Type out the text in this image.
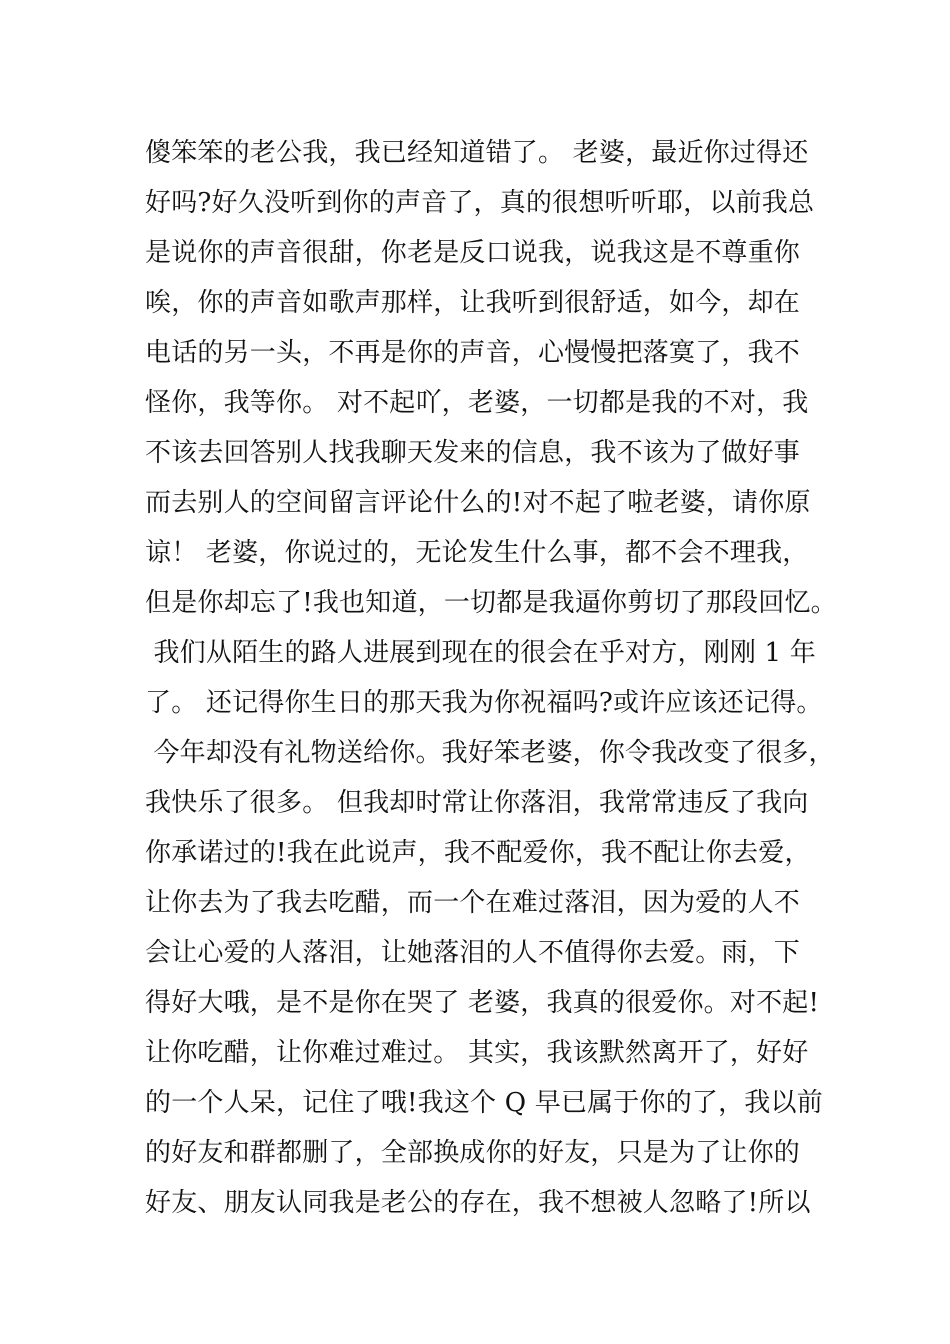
傻笨笨的老公我，我已经知道错了。 老婆，最近你过得还
好吗?好久没听到你的声音了，真的很想听听耶，以前我总
是说你的声音很甜，你老是反口说我，说我这是不尊重你
唉，你的声音如歌声那样，让我听到很舒适，如今，却在
电话的另一头，不再是你的声音，心慢慢把落寞了，我不
怪你，我等你。 对不起吖，老婆，一切都是我的不对，我
不该去回答别人找我聊天发来的信息，我不该为了做好事
而去别人的空间留言评论什么的!对不起了啦老婆，请你原
谅！ 老婆，你说过的，无论发生什么事，都不会不理我，
但是你却忘了!我也知道，一切都是我逼你剪切了那段回忆。
我们从陌生的路人进展到现在的很会在乎对方，刚刚 1 年
了。 还记得你生日的那天我为你祝福吗?或许应该还记得。
今年却没有礼物送给你。我好笨老婆，你令我改变了很多，
我快乐了很多。 但我却时常让你落泪，我常常违反了我向
你承诺过的!我在此说声，我不配爱你，我不配让你去爱，
让你去为了我去吃醋，而一个在难过落泪，因为爱的人不
会让心爱的人落泪，让她落泪的人不值得你去爱。雨，下
得好大哦，是不是你在哭了 老婆，我真的很爱你。对不起!
让你吃醋，让你难过难过。 其实，我该默然离开了，好好
的一个人呆，记住了哦!我这个 Q 早已属于你的了，我以前
的好友和群都删了，全部换成你的好友，只是为了让你的
好友、朋友认同我是老公的存在，我不想被人忽略了!所以
